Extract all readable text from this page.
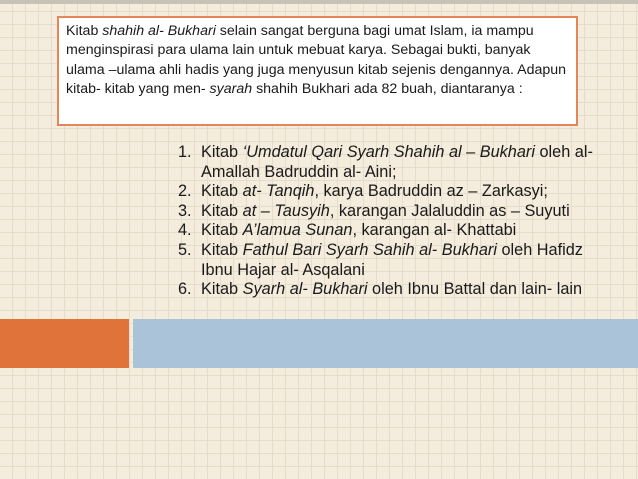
Kitab shahih al- Bukhari selain sangat berguna bagi umat Islam, ia mampu menginspirasi para ulama lain untuk mebuat karya. Sebagai bukti, banyak ulama –ulama ahli hadis yang juga menyusun kitab sejenis dengannya. Adapun kitab- kitab yang men- syarah shahih Bukhari ada 82 buah, diantaranya :
1. Kitab ‘Umdatul Qari Syarh Shahih al – Bukhari oleh al- Amallah Badruddin al- Aini;
2. Kitab at- Tanqih, karya Badruddin az – Zarkasyi;
3. Kitab at – Tausyih, karangan Jalaluddin as – Suyuti
4. Kitab A’lamua Sunan, karangan al- Khattabi
5. Kitab Fathul Bari Syarh Sahih al- Bukhari oleh Hafidz Ibnu Hajar al- Asqalani
6. Kitab Syarh al- Bukhari oleh Ibnu Battal dan lain- lain
